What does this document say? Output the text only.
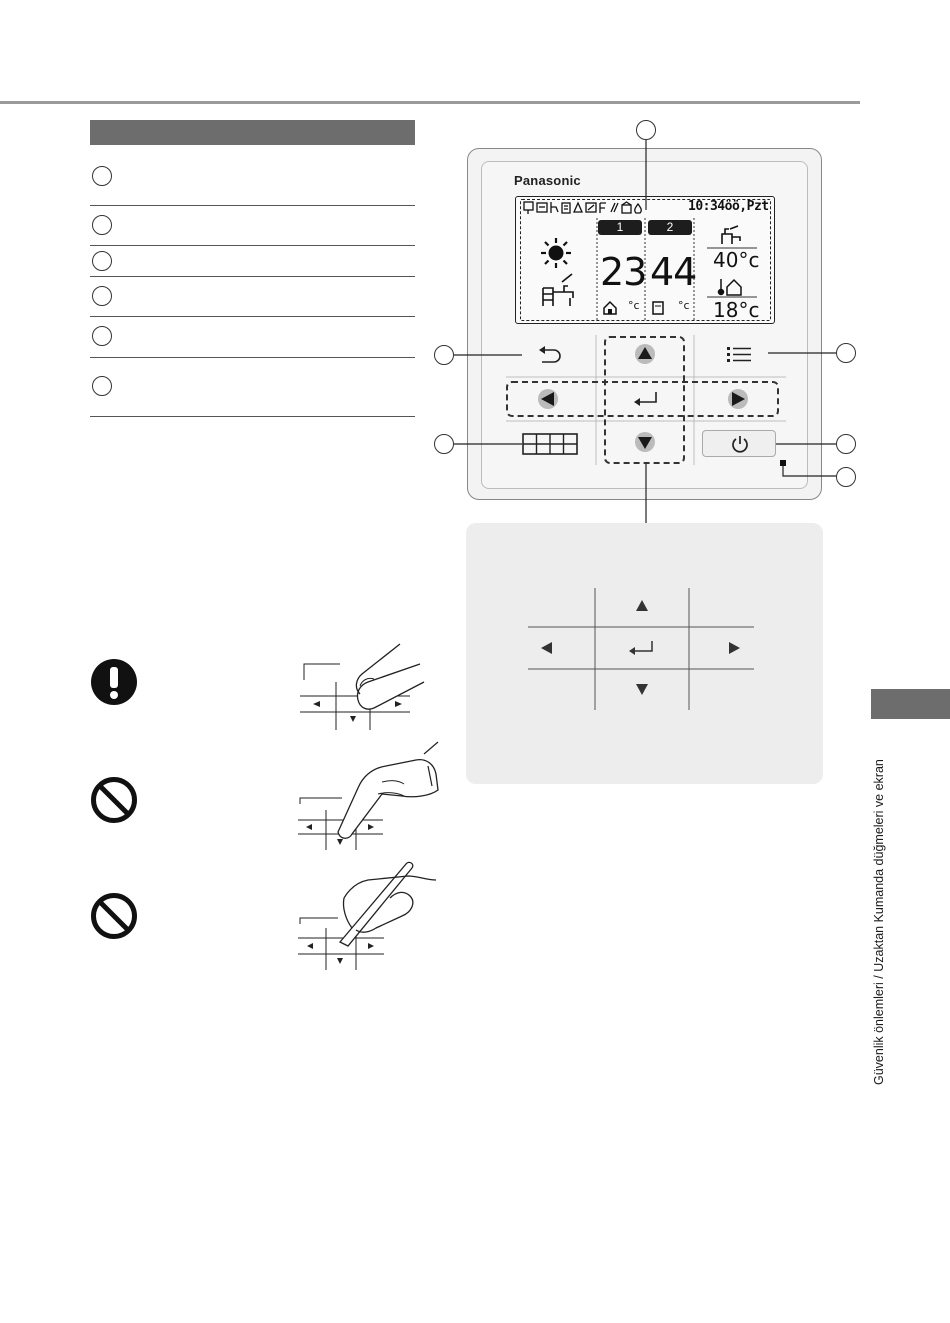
Panasonic
10:34öö,Pzt
1	2
23 44
°c	°c
40°c
18°c
Güvenlik önlemleri / Uzaktan Kumanda düğmeleri ve ekran
